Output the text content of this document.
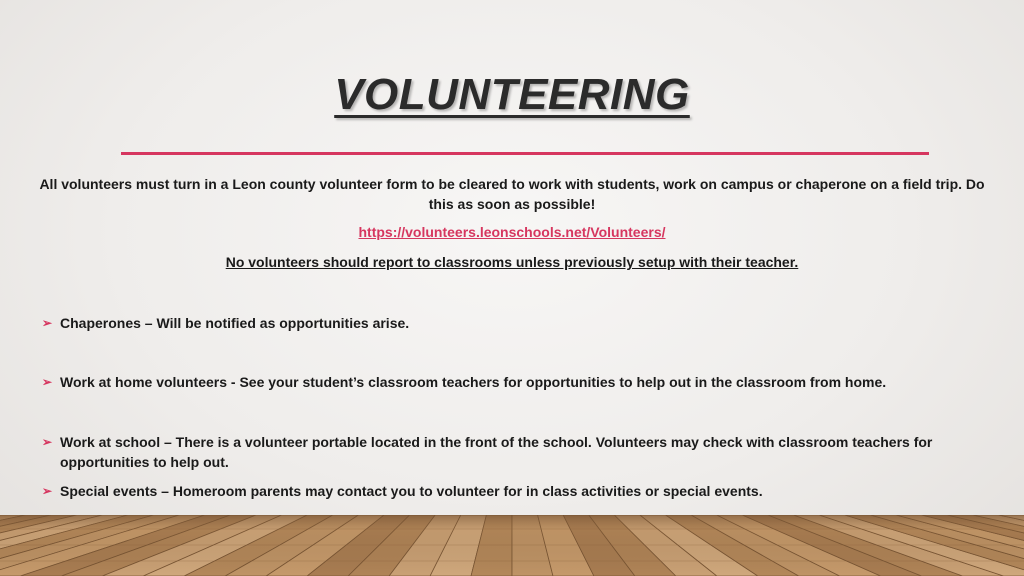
VOLUNTEERING
All volunteers must turn in a Leon county volunteer form to be cleared to work with students, work on campus or chaperone on a field trip. Do this as soon as possible!
https://volunteers.leonschools.net/Volunteers/
No volunteers should report to classrooms unless previously setup with their teacher.
➢ Chaperones – Will be notified as opportunities arise.
➢ Work at home volunteers - See your student’s classroom teachers for opportunities to help out in the classroom from home.
➢ Work at school – There is a volunteer portable located in the front of the school. Volunteers may check with classroom teachers for opportunities to help out.
➢ Special events – Homeroom parents may contact you to volunteer for in class activities or special events.
